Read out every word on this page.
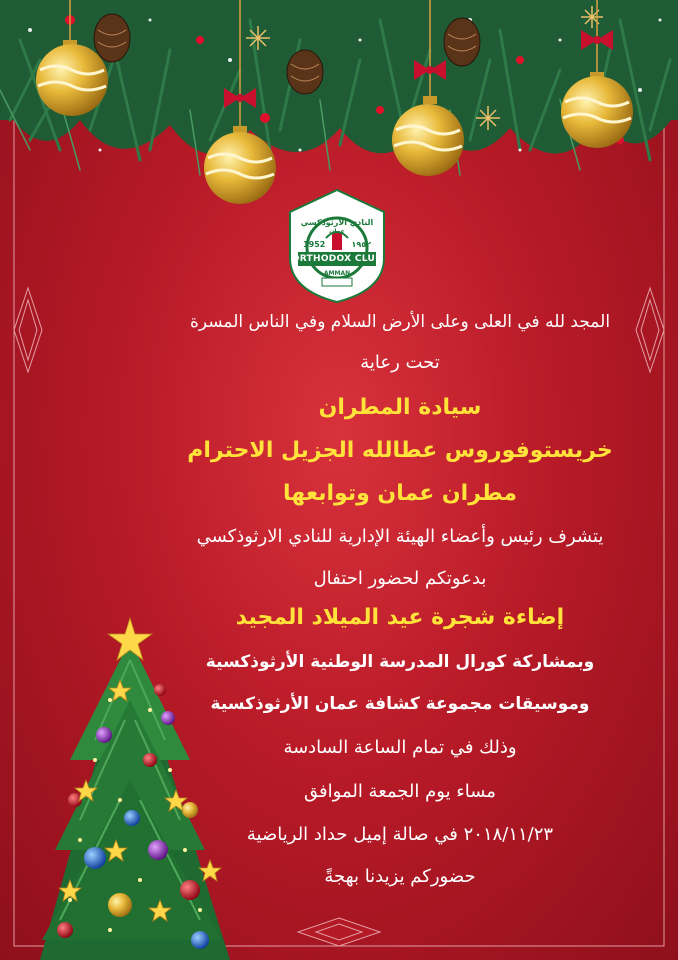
النادي الأرثوذكسي
عمان
1952	١٩٥٢
ORTHODOX CLUB
AMMAN
المجد لله في العلى وعلى الأرض السلام وفي الناس المسرة
تحت رعاية
سيادة المطران
خريستوفوروس عطالله الجزيل الاحترام
مطران عمان وتوابعها
يتشرف رئيس وأعضاء الهيئة الإدارية للنادي الارثوذكسي
بدعوتكم لحضور احتفال
إضاءة شجرة عيد الميلاد المجيد
وبمشاركة كورال المدرسة الوطنية الأرثوذكسية
وموسيقات مجموعة كشافة عمان الأرثوذكسية
وذلك في تمام الساعة السادسة
مساء يوم الجمعة الموافق
٢٠١٨/١١/٢٣ في صالة إميل حداد الرياضية
حضوركم يزيدنا بهجةً
